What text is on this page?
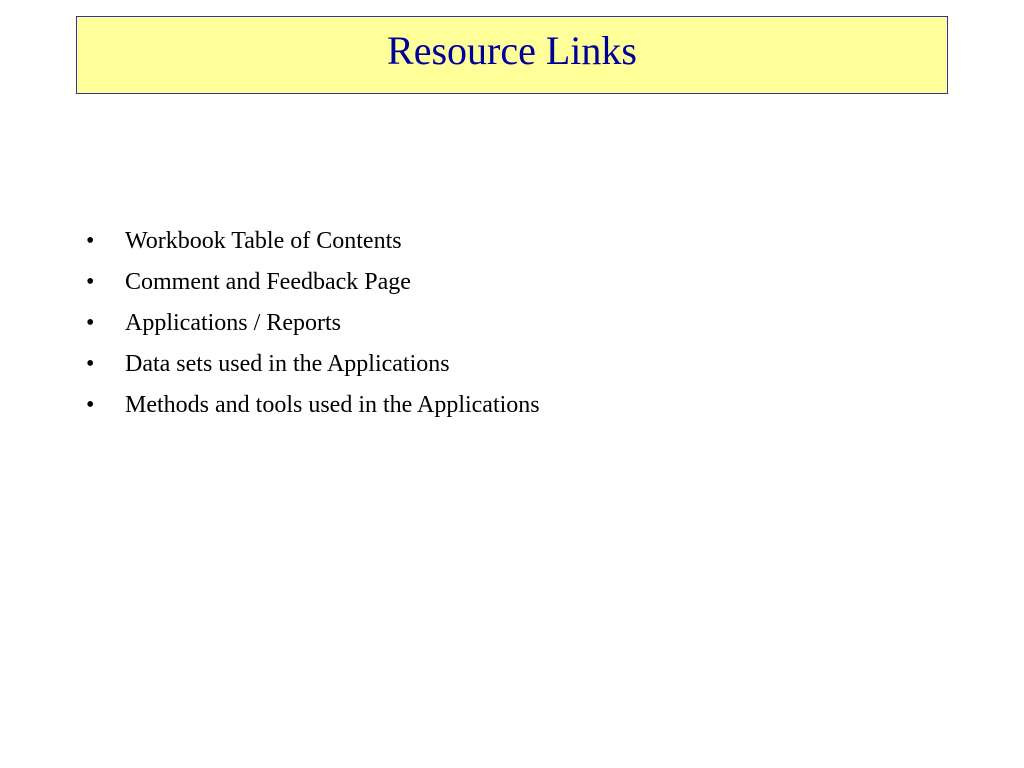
Resource Links
•	Workbook Table of Contents
•	Comment and Feedback Page
•	Applications / Reports
•	Data sets used in the Applications
•	Methods and tools used in the Applications
